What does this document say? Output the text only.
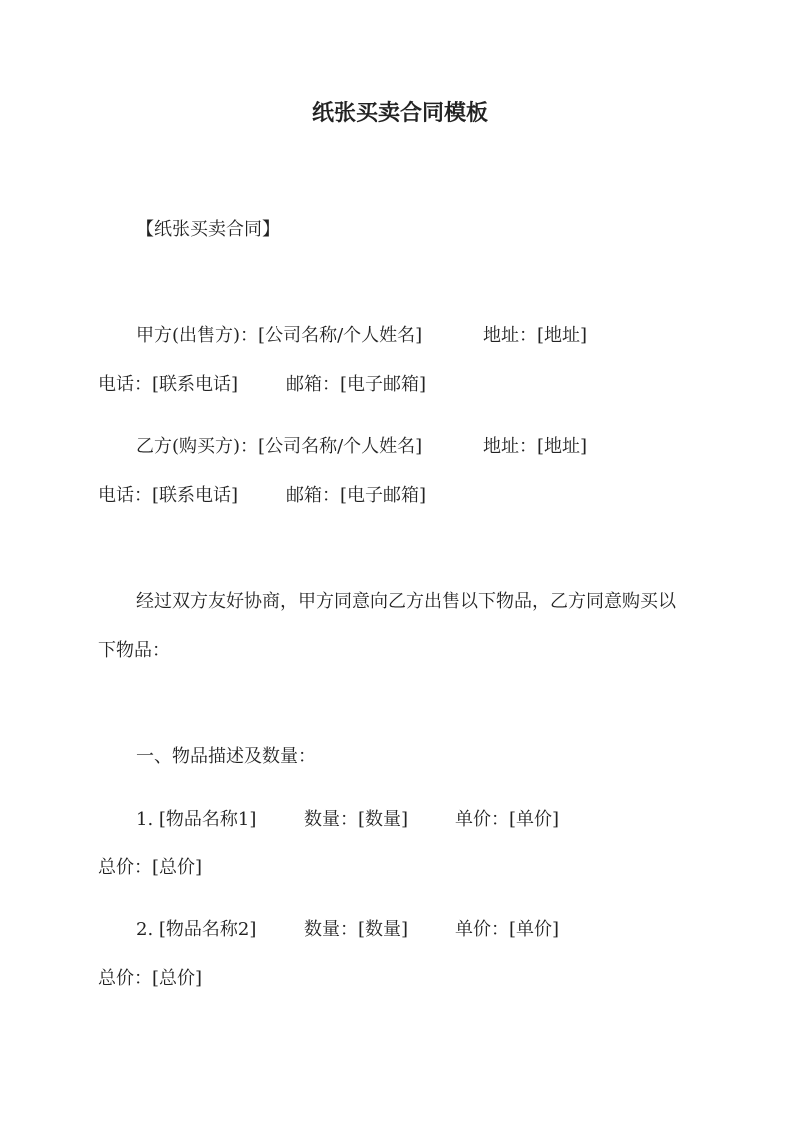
纸张买卖合同模板
【纸张买卖合同】
甲方(出售方)：[公司名称/个人姓名]	地址：[地址]
电话：[联系电话]	邮箱：[电子邮箱]
乙方(购买方)：[公司名称/个人姓名]	地址：[地址]
电话：[联系电话]	邮箱：[电子邮箱]
经过双方友好协商，甲方同意向乙方出售以下物品，乙方同意购买以
下物品：
一、物品描述及数量：
1. [物品名称1]	数量：[数量]	单价：[单价]
总价：[总价]
2. [物品名称2]	数量：[数量]	单价：[单价]
总价：[总价]
